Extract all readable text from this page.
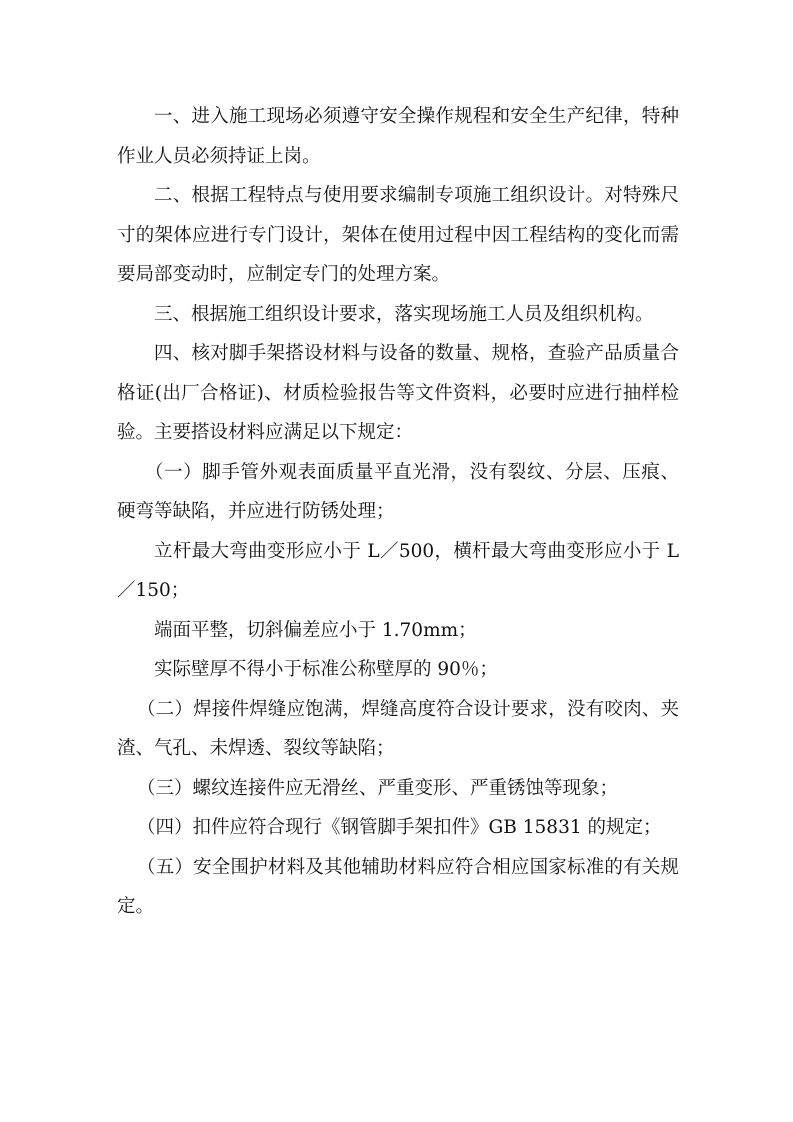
一、进入施工现场必须遵守安全操作规程和安全生产纪律，特种作业人员必须持证上岗。

二、根据工程特点与使用要求编制专项施工组织设计。对特殊尺寸的架体应进行专门设计，架体在使用过程中因工程结构的变化而需要局部变动时，应制定专门的处理方案。

三、根据施工组织设计要求，落实现场施工人员及组织机构。

四、核对脚手架搭设材料与设备的数量、规格，查验产品质量合格证(出厂合格证)、材质检验报告等文件资料，必要时应进行抽样检验。主要搭设材料应满足以下规定：

（一）脚手管外观表面质量平直光滑，没有裂纹、分层、压痕、硬弯等缺陷，并应进行防锈处理；

立杆最大弯曲变形应小于 L／500，横杆最大弯曲变形应小于 L／150；

端面平整，切斜偏差应小于 1.70mm；

实际壁厚不得小于标准公称壁厚的 90％；

（二）焊接件焊缝应饱满，焊缝高度符合设计要求，没有咬肉、夹渣、气孔、未焊透、裂纹等缺陷；

（三）螺纹连接件应无滑丝、严重变形、严重锈蚀等现象；

（四）扣件应符合现行《钢管脚手架扣件》GB 15831 的规定；

（五）安全围护材料及其他辅助材料应符合相应国家标准的有关规定。
